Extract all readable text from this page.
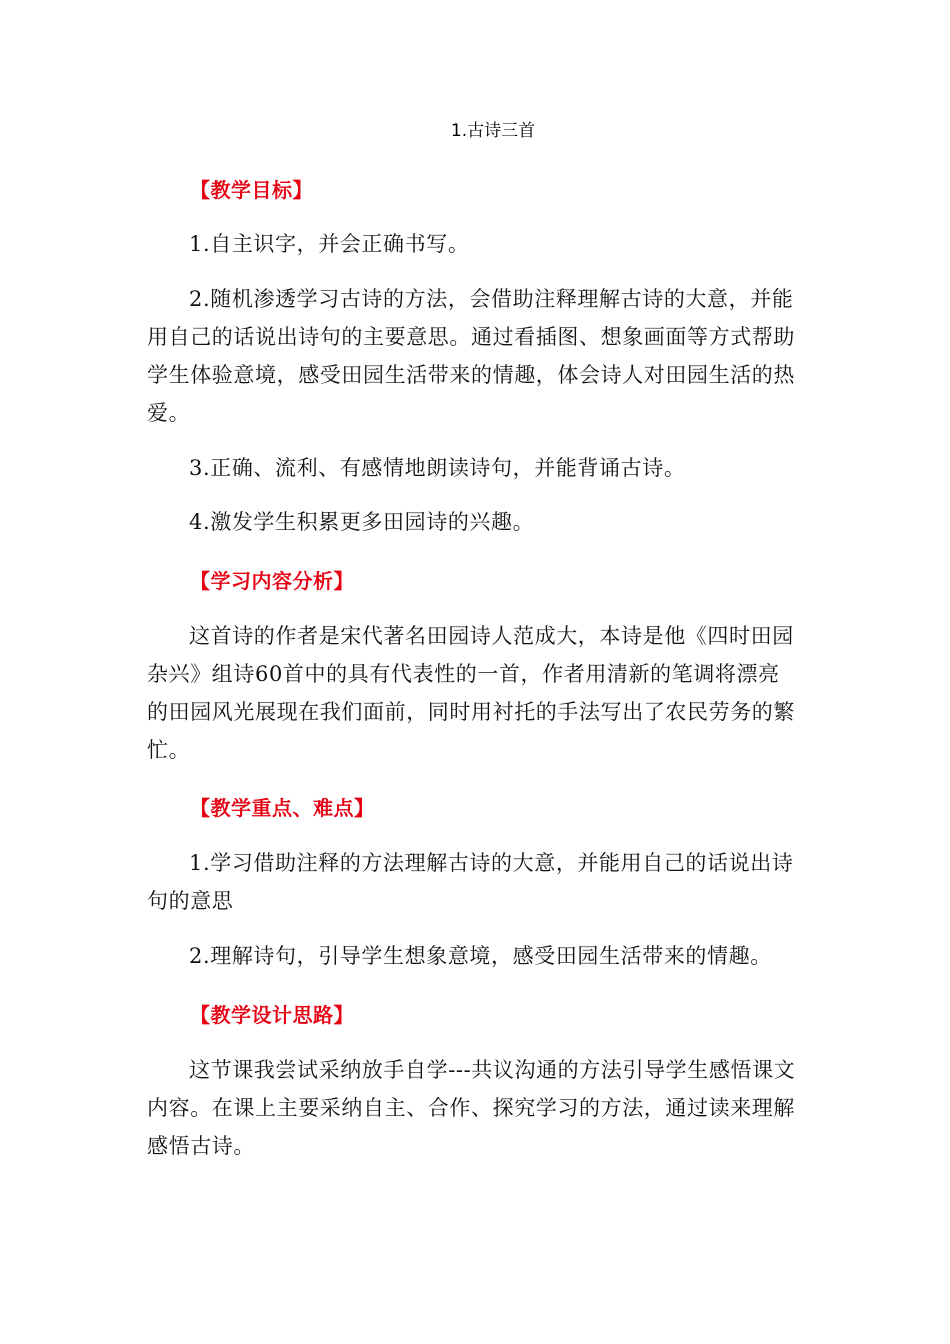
1.古诗三首
【教学目标】

1.自主识字，并会正确书写。

2.随机渗透学习古诗的方法，会借助注释理解古诗的大意，并能用自己的话说出诗句的主要意思。通过看插图、想象画面等方式帮助学生体验意境，感受田园生活带来的情趣，体会诗人对田园生活的热爱。

3.正确、流利、有感情地朗读诗句，并能背诵古诗。

4.激发学生积累更多田园诗的兴趣。

【学习内容分析】

这首诗的作者是宋代著名田园诗人范成大，本诗是他《四时田园杂兴》组诗60首中的具有代表性的一首，作者用清新的笔调将漂亮的田园风光展现在我们面前，同时用衬托的手法写出了农民劳务的繁忙。

【教学重点、难点】

1.学习借助注释的方法理解古诗的大意，并能用自己的话说出诗句的意思

2.理解诗句，引导学生想象意境，感受田园生活带来的情趣。

【教学设计思路】

这节课我尝试采纳放手自学---共议沟通的方法引导学生感悟课文内容。在课上主要采纳自主、合作、探究学习的方法，通过读来理解感悟古诗。
